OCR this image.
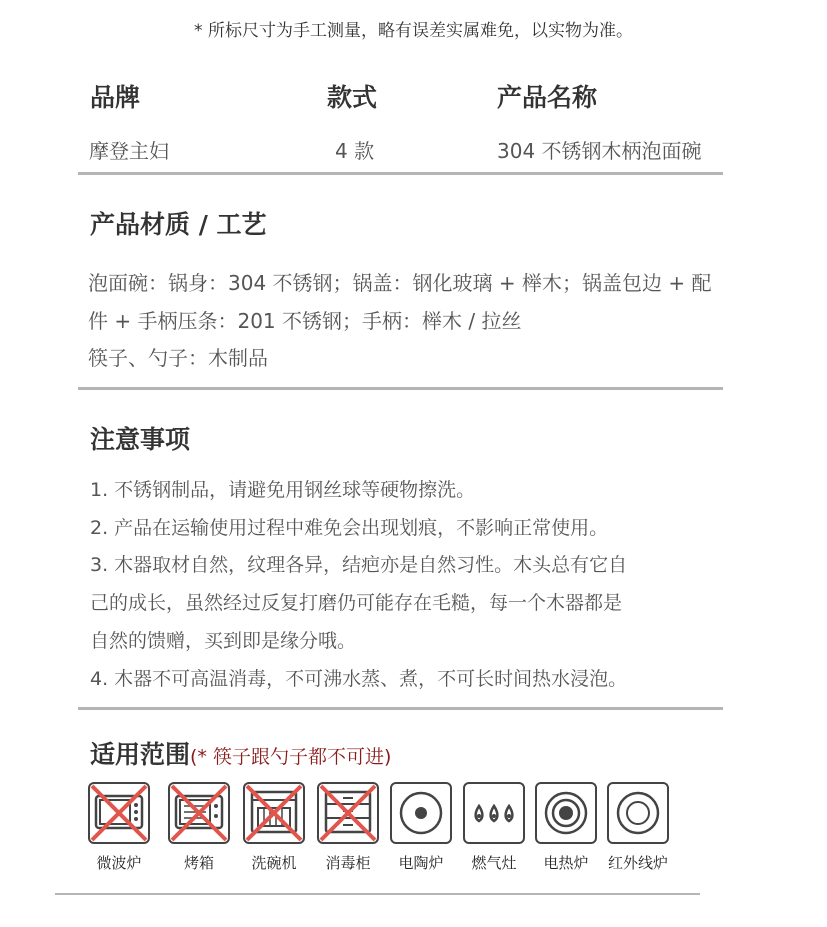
* 所标尺寸为手工测量，略有误差实属难免，以实物为准。
品牌	款式	产品名称
摩登主妇	4 款	304 不锈钢木柄泡面碗
产品材质 / 工艺
泡面碗：锅身：304 不锈钢；锅盖：钢化玻璃 + 榉木；锅盖包边 + 配
件 + 手柄压条：201 不锈钢；手柄：榉木 / 拉丝
筷子、勺子：木制品
注意事项
1. 不锈钢制品，请避免用钢丝球等硬物擦洗。
2. 产品在运输使用过程中难免会出现划痕，不影响正常使用。
3. 木器取材自然，纹理各异，结疤亦是自然习性。木头总有它自
己的成长，虽然经过反复打磨仍可能存在毛糙，每一个木器都是
自然的馈赠，买到即是缘分哦。
4. 木器不可高温消毒，不可沸水蒸、煮，不可长时间热水浸泡。
适用范围(* 筷子跟勺子都不可进)
微波炉	烤箱	洗碗机	消毒柜	电陶炉	燃气灶	电热炉	红外线炉
